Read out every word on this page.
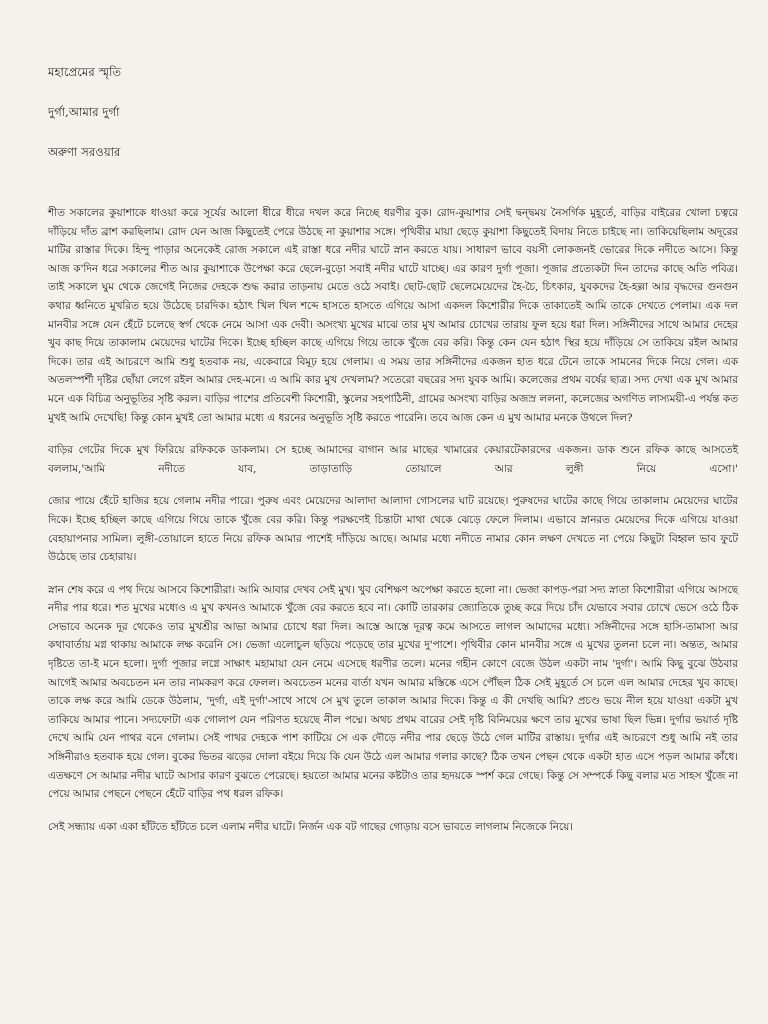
মহাপ্রেমের স্মৃতি
দুর্গা,আমার দুর্গা
অরুণা সরওয়ার

শীত সকালের কুয়াশাকে ধাওয়া করে সূর্যের আলো ধীরে ধীরে দখল করে নিচ্ছে ধরণীর বুক। রোদ-কুয়াশার সেই দ্বন্দ্বময় নৈসর্গিক মুহূর্তে, বাড়ির বাইরের খোলা চত্বরে দাঁড়িয়ে দাঁত ব্রাশ করছিলাম। রোদ যেন আজ কিছুতেই পেরে উঠছে না কুয়াশার সঙ্গে। পৃথিবীর মায়া ছেড়ে কুয়াশা কিছুতেই বিদায় নিতে চাইছে না। তাকিয়েছিলাম অদূরের মাটির রাস্তার দিকে। হিন্দু পাড়ার অনেকেই রোজ সকালে এই রাস্তা ধরে নদীর ঘাটে স্নান করতে যায়। সাধারণ ভাবে বয়সী লোকজনই ভোরের দিকে নদীতে আসে। কিন্তু আজ ক'দিন ধরে সকালের শীত আর কুয়াশাকে উপেক্ষা করে ছেলে-বুড়ো সবাই নদীর ঘাটে যাচ্ছে। এর কারণ দুর্গা পূজা। পূজার প্রত্যেকটা দিন তাদের কাছে অতি পবিত্র। তাই সকালে ঘুম থেকে জেগেই নিজের দেহকে শুদ্ধ করার তাড়নায় মেতে ওঠে সবাই। ছোট-ছোট ছেলেমেয়েদের হৈ-চৈ, চিৎকার, যুবকদের হৈ-হল্লা আর বৃদ্ধদের গুনগুন কথার ধ্বনিতে মুখরিত হয়ে উঠেছে চারদিক। হঠাৎ খিল খিল শব্দে হাসতে হাসতে এগিয়ে আসা একদল কিশোরীর দিকে তাকাতেই আমি তাকে দেখতে পেলাম। এক দল মানবীর সঙ্গে যেন হেঁটে চলেছে স্বর্গ থেকে নেমে আসা এক দেবী। অসংখ্য মুখের মাঝে তার মুখ আমার চোখের তারায় ফুল হয়ে ধরা দিল। সঙ্গিনীদের সাথে আমার দেহের খুব কাছ দিয়ে তাকালাম মেয়েদের ঘাটের দিকে। ইচ্ছে হচ্ছিল কাছে এগিয়ে গিয়ে তাকে খুঁজে বের করি। কিন্তু কেন যেন হঠাৎ স্থির হয়ে দাঁড়িয়ে সে তাকিয়ে রইল আমার দিকে। তার এই আচরণে আমি শুধু হতবাক নয়, একেবারে বিমূঢ় হয়ে গেলাম। এ সময় তার সঙ্গিনীদের একজন হাত ধরে টেনে তাকে সামনের দিকে নিয়ে গেল। এক অতলস্পর্শী দৃষ্টির ছোঁয়া লেগে রইল আমার দেহ-মনে। এ আমি কার মুখ দেখলাম? সতেরো বছরের সদ্য যুবক আমি। কলেজের প্রথম বর্ষের ছাত্র। সদ্য দেখা এক মুখ আমার মনে এক বিচিত্র অনুভূতির সৃষ্টি করল। বাড়ির পাশের প্রতিবেশী কিশোরী, স্কুলের সহপাঠিনী, গ্রামের অসংখ্য বাড়ির অজস্র ললনা, কলেজের অগণিত লাস্যময়ী-এ পর্যন্ত কত মুখই আমি দেখেছি! কিন্তু কোন মুখই তো আমার মধ্যে এ ধরনের অনুভূতি সৃষ্টি করতে পারেনি। তবে আজ কেন এ মুখ আমার মনকে উথলে দিল?

বাড়ির গেটের দিকে মুখ ফিরিয়ে রফিককে ডাকলাম। সে হচ্ছে আমাদের বাগান আর মাছের খামারের কেয়ারটেকারদের একজন। ডাক শুনে রফিক কাছে আসতেই বললাম,'আমি নদীতে যাব, তাড়াতাড়ি তোয়ালে আর লুঙ্গী নিয়ে এসো।'

জোর পায়ে হেঁটে হাজির হয়ে গেলাম নদীর পারে। পুরুষ এবং মেয়েদের আলাদা আলাদা গোসলের ঘাট রয়েছে। পুরুষদের ঘাটের কাছে গিয়ে তাকালাম মেয়েদের ঘাটের দিকে। ইচ্ছে হচ্ছিল কাছে এগিয়ে গিয়ে তাকে খুঁজে বের করি। কিন্তু পরক্ষণেই চিন্তাটা মাথা থেকে ঝেড়ে ফেলে দিলাম। এভাবে স্নানরত মেয়েদের দিকে এগিয়ে যাওয়া বেহায়াপনার সামিল। লুঙ্গী-তোয়ালে হাতে নিয়ে রফিক আমার পাশেই দাঁড়িয়ে আছে। আমার মধ্যে নদীতে নামার কোন লক্ষণ দেখতে না পেয়ে কিছুটা বিহ্বল ভাব ফুটে উঠেছে তার চেহারায়।

স্নান শেষ করে এ পথ দিয়ে আসবে কিশোরীরা। আমি আবার দেখব সেই মুখ। খুব বেশিক্ষণ অপেক্ষা করতে হলো না। ভেজা কাপড়-পরা সদ্য স্নাতা কিশোরীরা এগিয়ে আসছে নদীর পার ধরে। শত মুখের মধ্যেও এ মুখ কখনও আমাকে খুঁজে বের করতে হবে না। কোটি তারকার জ্যোতিকে তুচ্ছ করে দিয়ে চাঁদ যেভাবে সবার চোখে ভেসে ওঠে ঠিক সেভাবে অনেক দূর থেকেও তার মুখশ্রীর আভা আমার চোখে ধরা দিল। আস্তে আস্তে দূরত্ব কমে আসতে লাগল আমাদের মধ্যে। সঙ্গিনীদের সঙ্গে হাসি-তামাসা আর কথাবার্তায় মগ্ন থাকায় আমাকে লক্ষ করেনি সে। ভেজা এলোচুল ছড়িয়ে পড়েছে তার মুখের দু'পাশে। পৃথিবীর কোন মানবীর সঙ্গে এ মুখের তুলনা চলে না। অন্তত, আমার দৃষ্টিতে তা-ই মনে হলো। দুর্গা পূজার লগ্নে সাক্ষাৎ মহামায়া যেন নেমে এসেছে ধরণীর তলে। মনের গহীন কোণে বেজে উঠল একটা নাম 'দুর্গা'। আমি কিছু বুঝে উঠবার আগেই আমার অবচেতন মন তার নামকরণ করে ফেলল। অবচেতন মনের বার্তা যখন আমার মস্তিষ্কে এসে পৌঁছল ঠিক সেই মুহূর্তে সে চলে এল আমার দেহের খুব কাছে। তাকে লক্ষ করে আমি ডেকে উঠলাম, 'দুর্গা, এই দুর্গা'-সাথে সাথে সে মুখ তুলে তাকাল আমার দিকে। কিন্তু এ কী দেখছি আমি? প্রচণ্ড ভয়ে নীল হয়ে যাওয়া একটা মুখ তাকিয়ে আমার পানে। সদ্যফোটা এক গোলাপ যেন পরিণত হয়েছে নীল পদ্মে। অথচ প্রথম বারের সেই দৃষ্টি বিনিময়ের ক্ষণে তার মুখের ভাষা ছিল ভিন্ন। দুর্গার ভয়ার্ত দৃষ্টি দেখে আমি যেন পাথর বনে গেলাম। সেই পাথর দেহকে পাশ কাটিয়ে সে এক দৌড়ে নদীর পার ছেড়ে উঠে গেল মাটির রাস্তায়। দুর্গার এই আচরণে শুধু আমি নই তার সঙ্গিনীরাও হতবাক হয়ে গেল। বুকের ভিতর ঝড়ের দোলা বইয়ে দিয়ে কি যেন উঠে এল আমার গলার কাছে? ঠিক তখন পেছন থেকে একটা হাত এসে পড়ল আমার কাঁধে। এতক্ষণে সে আমার নদীর ঘাটে আসার কারণ বুঝতে পেরেছে। হয়তো আমার মনের কষ্টটাও তার হৃদয়কে স্পর্শ করে গেছে। কিন্তু সে সম্পর্কে কিছু বলার মত সাহস খুঁজে না পেয়ে আমার পেছনে পেছনে হেঁটে বাড়ির পথ ধরল রফিক।

সেই সন্ধ্যায় একা একা হাঁটতে হাঁটতে চলে এলাম নদীর ঘাটে। নির্জন এক বট গাছের গোড়ায় বসে ভাবতে লাগলাম নিজেকে নিয়ে।
